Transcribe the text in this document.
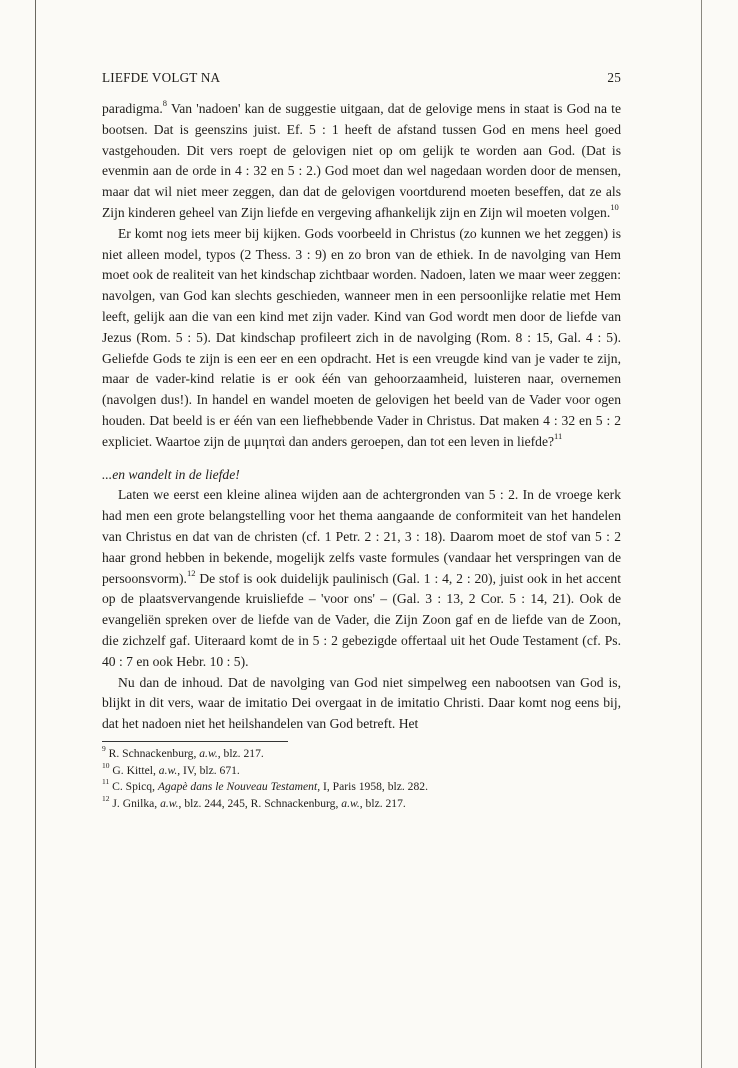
LIEFDE VOLGT NA	25

paradigma.$^8$ Van 'nadoen' kan de suggestie uitgaan, dat de gelovige mens in staat is God na te bootsen. Dat is geenszins juist. Ef. 5 : 1 heeft de afstand tussen God en mens heel goed vastgehouden. Dit vers roept de gelovigen niet op om gelijk te worden aan God. (Dat is evenmin aan de orde in 4 : 32 en 5 : 2.) God moet dan wel nagedaan worden door de mensen, maar dat wil niet meer zeggen, dan dat de gelovigen voortdurend moeten beseffen, dat ze als Zijn kinderen geheel van Zijn liefde en vergeving afhankelijk zijn en Zijn wil moeten volgen.$^{10}$

Er komt nog iets meer bij kijken. Gods voorbeeld in Christus (zo kunnen we het zeggen) is niet alleen model, typos (2 Thess. 3 : 9) en zo bron van de ethiek. In de navolging van Hem moet ook de realiteit van het kindschap zichtbaar worden. Nadoen, laten we maar weer zeggen: navolgen, van God kan slechts geschieden, wanneer men in een persoonlijke relatie met Hem leeft, gelijk aan die van een kind met zijn vader. Kind van God wordt men door de liefde van Jezus (Rom. 5 : 5). Dat kindschap profileert zich in de navolging (Rom. 8 : 15, Gal. 4 : 5). Geliefde Gods te zijn is een eer en een opdracht. Het is een vreugde kind van je vader te zijn, maar de vader-kind relatie is er ook één van gehoorzaamheid, luisteren naar, overnemen (navolgen dus!). In handel en wandel moeten de gelovigen het beeld van de Vader voor ogen houden. Dat beeld is er één van een liefhebbende Vader in Christus. Dat maken 4 : 32 en 5 : 2 expliciet. Waartoe zijn de μιμηταὶ dan anders geroepen, dan tot een leven in liefde?$^{11}$

...en wandelt in de liefde!

Laten we eerst een kleine alinea wijden aan de achtergronden van 5 : 2. In de vroege kerk had men een grote belangstelling voor het thema aangaande de conformiteit van het handelen van Christus en dat van de christen (cf. 1 Petr. 2 : 21, 3 : 18). Daarom moet de stof van 5 : 2 haar grond hebben in bekende, mogelijk zelfs vaste formules (vandaar het verspringen van de persoonsvorm).$^{12}$ De stof is ook duidelijk paulinisch (Gal. 1 : 4, 2 : 20), juist ook in het accent op de plaatsvervangende kruisliefde – 'voor ons' – (Gal. 3 : 13, 2 Cor. 5 : 14, 21). Ook de evangeliën spreken over de liefde van de Vader, die Zijn Zoon gaf en de liefde van de Zoon, die zichzelf gaf. Uiteraard komt de in 5 : 2 gebezigde offertaal uit het Oude Testament (cf. Ps. 40 : 7 en ook Hebr. 10 : 5).

Nu dan de inhoud. Dat de navolging van God niet simpelweg een nabootsen van God is, blijkt in dit vers, waar de imitatio Dei overgaat in de imitatio Christi. Daar komt nog eens bij, dat het nadoen niet het heilshandelen van God betreft. Het

$^9$ R. Schnackenburg, a.w., blz. 217.

$^{10}$ G. Kittel, a.w., IV, blz. 671.

$^{11}$ C. Spicq, Agapè dans le Nouveau Testament, I, Paris 1958, blz. 282.

$^{12}$ J. Gnilka, a.w., blz. 244, 245, R. Schnackenburg, a.w., blz. 217.
